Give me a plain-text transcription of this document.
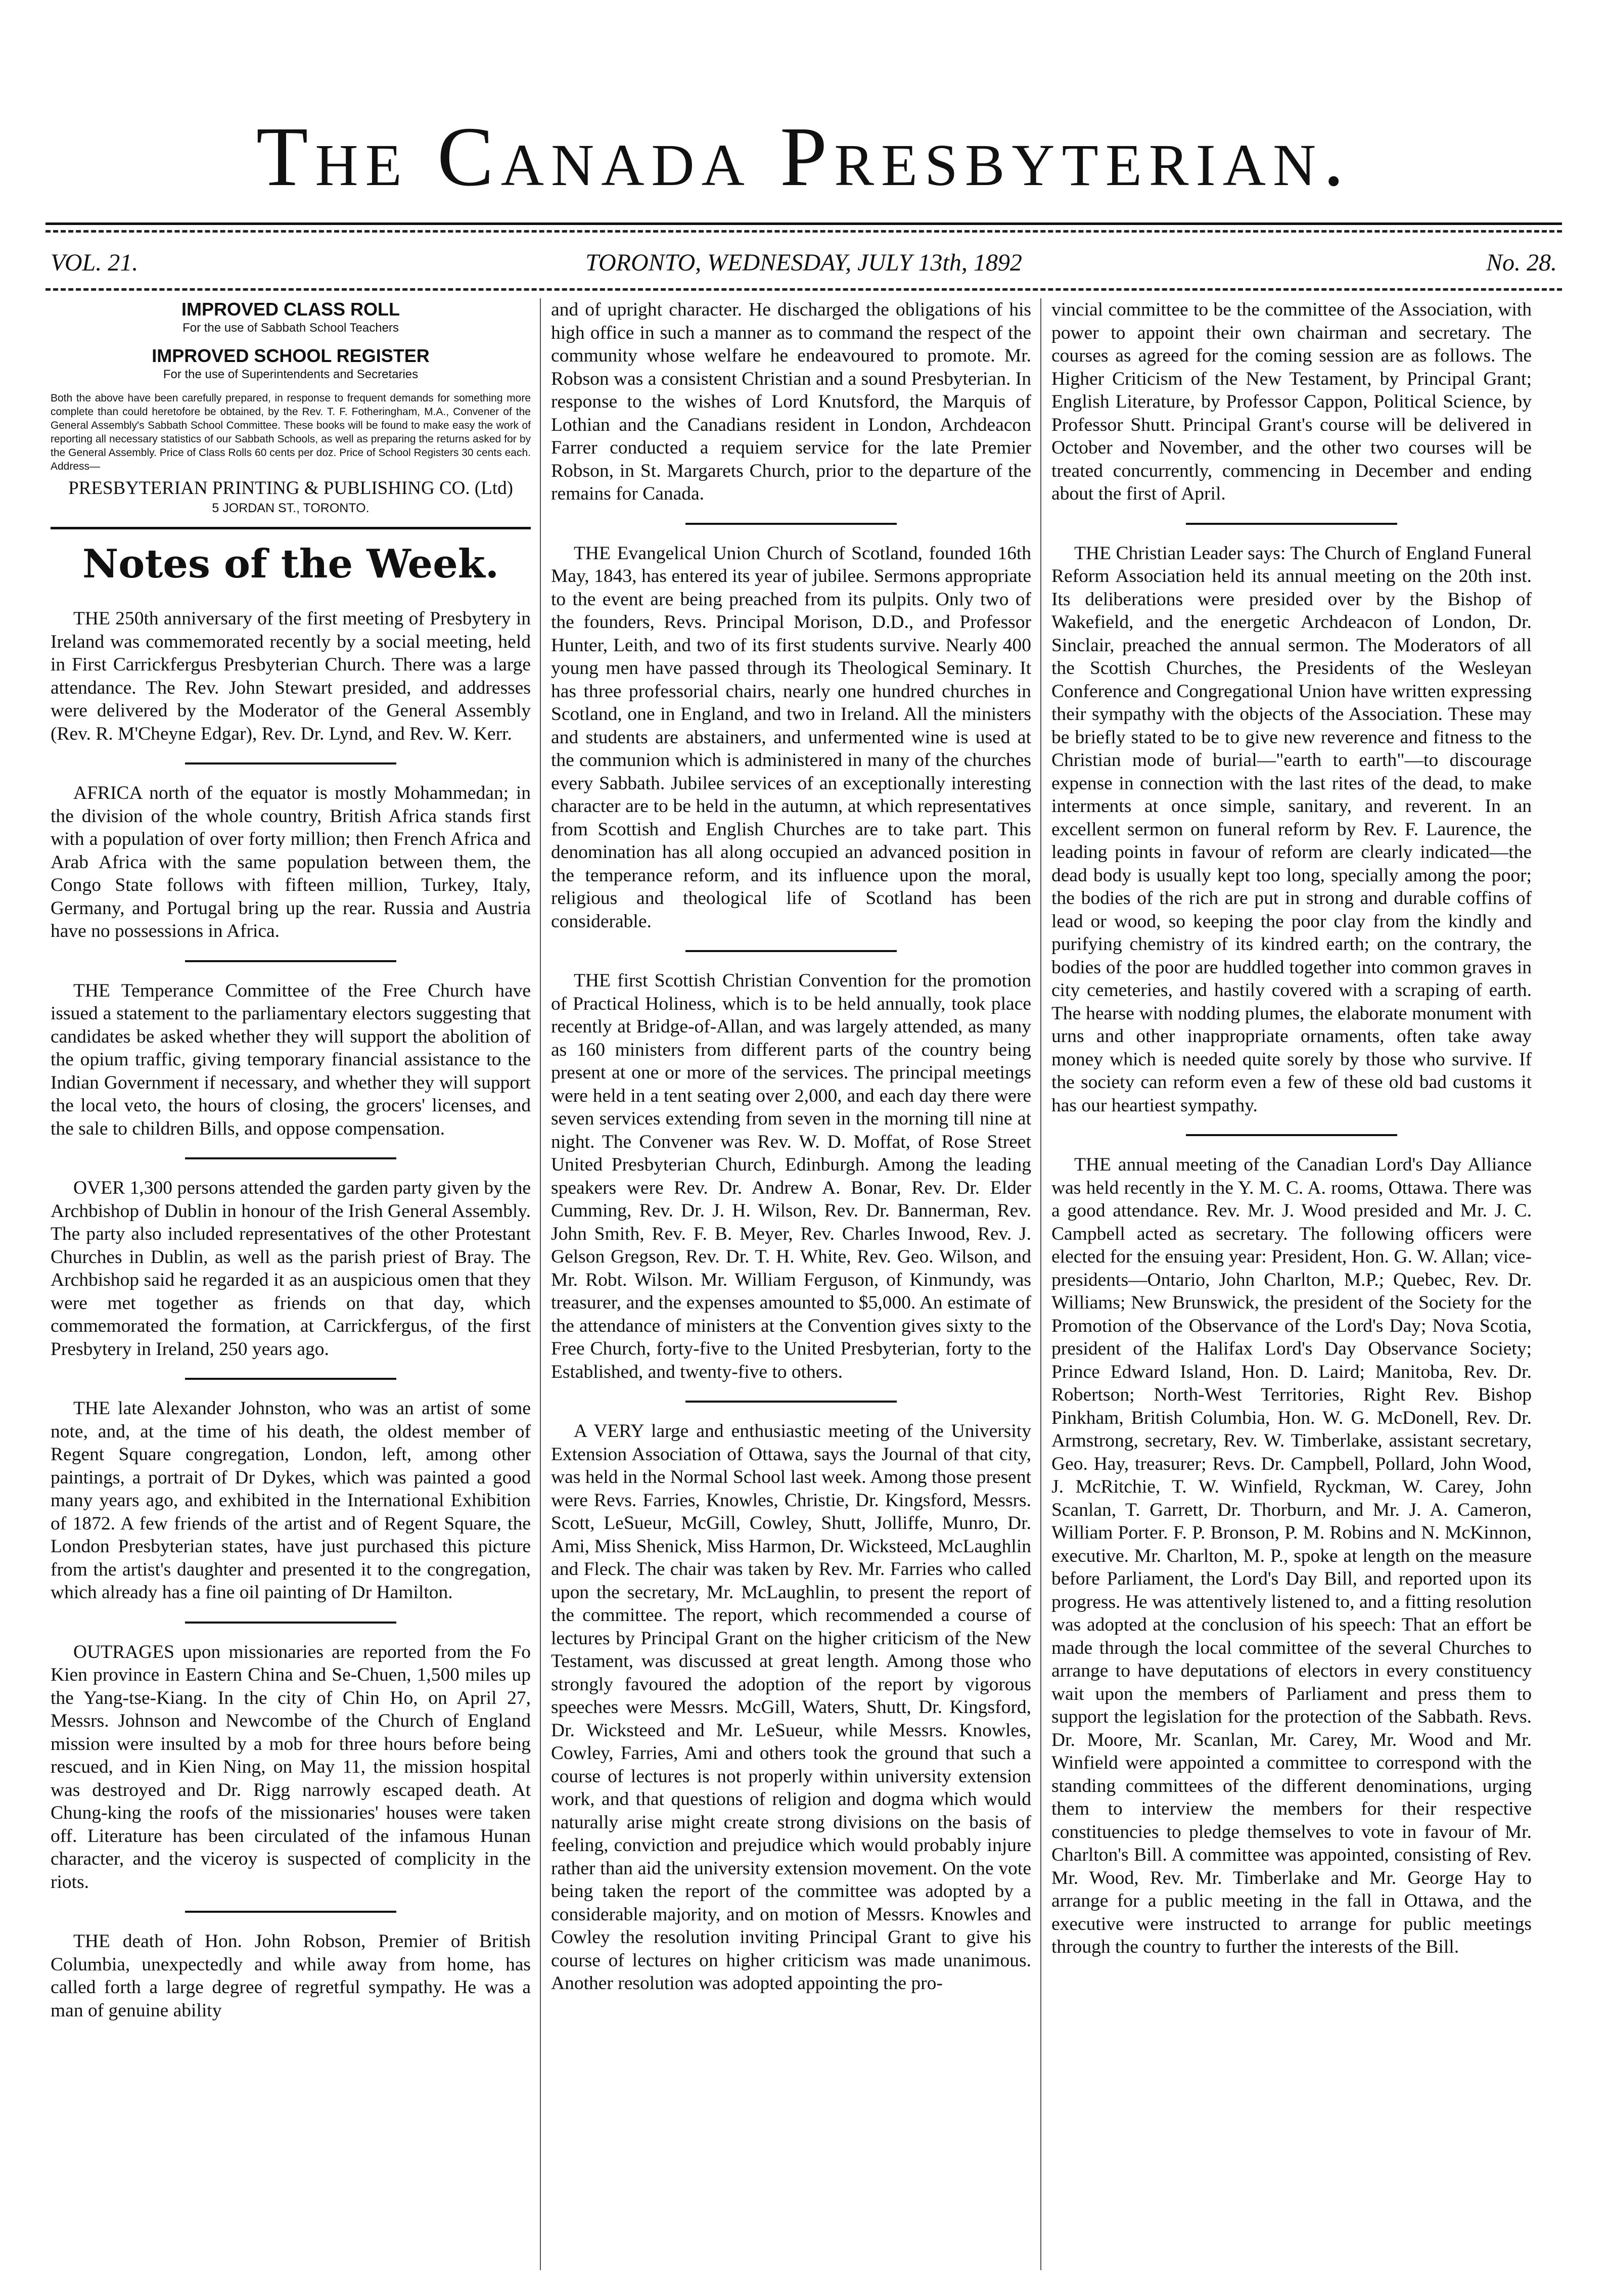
The Canada Presbyterian.
VOL. 21.	TORONTO, WEDNESDAY, JULY 13th, 1892	No. 28.
IMPROVED CLASS ROLL
For the use of Sabbath School Teachers
IMPROVED SCHOOL REGISTER
For the use of Superintendents and Secretaries
Both the above have been carefully prepared, in response to frequent demands for something more complete than could heretofore be obtained, by the Rev. T. F. Fotheringham, M.A., Convener of the General Assembly's Sabbath School Committee. These books will be found to make easy the work of reporting all necessary statistics of our Sabbath Schools, as well as preparing the returns asked for by the General Assembly. Price of Class Rolls 60 cents per doz. Price of School Registers 30 cents each. Address—
PRESBYTERIAN PRINTING & PUBLISHING CO. (Ltd)
5 JORDAN ST., TORONTO.
Notes of the Week.

THE 250th anniversary of the first meeting of Presbytery in Ireland was commemorated recently by a social meeting, held in First Carrickfergus Presbyterian Church. There was a large attendance. The Rev. John Stewart presided, and addresses were delivered by the Moderator of the General Assembly (Rev. R. M'Cheyne Edgar), Rev. Dr. Lynd, and Rev. W. Kerr.

AFRICA north of the equator is mostly Mohammedan; in the division of the whole country, British Africa stands first with a population of over forty million; then French Africa and Arab Africa with the same population between them, the Congo State follows with fifteen million, Turkey, Italy, Germany, and Portugal bring up the rear. Russia and Austria have no possessions in Africa.

THE Temperance Committee of the Free Church have issued a statement to the parliamentary electors suggesting that candidates be asked whether they will support the abolition of the opium traffic, giving temporary financial assistance to the Indian Government if necessary, and whether they will support the local veto, the hours of closing, the grocers' licenses, and the sale to children Bills, and oppose compensation.

OVER 1,300 persons attended the garden party given by the Archbishop of Dublin in honour of the Irish General Assembly. The party also included representatives of the other Protestant Churches in Dublin, as well as the parish priest of Bray. The Archbishop said he regarded it as an auspicious omen that they were met together as friends on that day, which commemorated the formation, at Carrickfergus, of the first Presbytery in Ireland, 250 years ago.

THE late Alexander Johnston, who was an artist of some note, and, at the time of his death, the oldest member of Regent Square congregation, London, left, among other paintings, a portrait of Dr Dykes, which was painted a good many years ago, and exhibited in the International Exhibition of 1872. A few friends of the artist and of Regent Square, the London Presbyterian states, have just purchased this picture from the artist's daughter and presented it to the congregation, which already has a fine oil painting of Dr Hamilton.

OUTRAGES upon missionaries are reported from the Fo Kien province in Eastern China and Se-Chuen, 1,500 miles up the Yang-tse-Kiang. In the city of Chin Ho, on April 27, Messrs. Johnson and Newcombe of the Church of England mission were insulted by a mob for three hours before being rescued, and in Kien Ning, on May 11, the mission hospital was destroyed and Dr. Rigg narrowly escaped death. At Chung-king the roofs of the missionaries' houses were taken off. Literature has been circulated of the infamous Hunan character, and the viceroy is suspected of complicity in the riots.

THE death of Hon. John Robson, Premier of British Columbia, unexpectedly and while away from home, has called forth a large degree of regretful sympathy. He was a man of genuine ability

and of upright character. He discharged the obligations of his high office in such a manner as to command the respect of the community whose welfare he endeavoured to promote. Mr. Robson was a consistent Christian and a sound Presbyterian. In response to the wishes of Lord Knutsford, the Marquis of Lothian and the Canadians resident in London, Archdeacon Farrer conducted a requiem service for the late Premier Robson, in St. Margarets Church, prior to the departure of the remains for Canada.

THE Evangelical Union Church of Scotland, founded 16th May, 1843, has entered its year of jubilee. Sermons appropriate to the event are being preached from its pulpits. Only two of the founders, Revs. Principal Morison, D.D., and Professor Hunter, Leith, and two of its first students survive. Nearly 400 young men have passed through its Theological Seminary. It has three professorial chairs, nearly one hundred churches in Scotland, one in England, and two in Ireland. All the ministers and students are abstainers, and unfermented wine is used at the communion which is administered in many of the churches every Sabbath. Jubilee services of an exceptionally interesting character are to be held in the autumn, at which representatives from Scottish and English Churches are to take part. This denomination has all along occupied an advanced position in the temperance reform, and its influence upon the moral, religious and theological life of Scotland has been considerable.

THE first Scottish Christian Convention for the promotion of Practical Holiness, which is to be held annually, took place recently at Bridge-of-Allan, and was largely attended, as many as 160 ministers from different parts of the country being present at one or more of the services. The principal meetings were held in a tent seating over 2,000, and each day there were seven services extending from seven in the morning till nine at night. The Convener was Rev. W. D. Moffat, of Rose Street United Presbyterian Church, Edinburgh. Among the leading speakers were Rev. Dr. Andrew A. Bonar, Rev. Dr. Elder Cumming, Rev. Dr. J. H. Wilson, Rev. Dr. Bannerman, Rev. John Smith, Rev. F. B. Meyer, Rev. Charles Inwood, Rev. J. Gelson Gregson, Rev. Dr. T. H. White, Rev. Geo. Wilson, and Mr. Robt. Wilson. Mr. William Ferguson, of Kinmundy, was treasurer, and the expenses amounted to $5,000. An estimate of the attendance of ministers at the Convention gives sixty to the Free Church, forty-five to the United Presbyterian, forty to the Established, and twenty-five to others.

A VERY large and enthusiastic meeting of the University Extension Association of Ottawa, says the Journal of that city, was held in the Normal School last week. Among those present were Revs. Farries, Knowles, Christie, Dr. Kingsford, Messrs. Scott, LeSueur, McGill, Cowley, Shutt, Jolliffe, Munro, Dr. Ami, Miss Shenick, Miss Harmon, Dr. Wicksteed, McLaughlin and Fleck. The chair was taken by Rev. Mr. Farries who called upon the secretary, Mr. McLaughlin, to present the report of the committee. The report, which recommended a course of lectures by Principal Grant on the higher criticism of the New Testament, was discussed at great length. Among those who strongly favoured the adoption of the report by vigorous speeches were Messrs. McGill, Waters, Shutt, Dr. Kingsford, Dr. Wicksteed and Mr. LeSueur, while Messrs. Knowles, Cowley, Farries, Ami and others took the ground that such a course of lectures is not properly within university extension work, and that questions of religion and dogma which would naturally arise might create strong divisions on the basis of feeling, conviction and prejudice which would probably injure rather than aid the university extension movement. On the vote being taken the report of the committee was adopted by a considerable majority, and on motion of Messrs. Knowles and Cowley the resolution inviting Principal Grant to give his course of lectures on higher criticism was made unanimous. Another resolution was adopted appointing the pro-

vincial committee to be the committee of the Association, with power to appoint their own chairman and secretary. The courses as agreed for the coming session are as follows. The Higher Criticism of the New Testament, by Principal Grant; English Literature, by Professor Cappon, Political Science, by Professor Shutt. Principal Grant's course will be delivered in October and November, and the other two courses will be treated concurrently, commencing in December and ending about the first of April.

THE Christian Leader says: The Church of England Funeral Reform Association held its annual meeting on the 20th inst. Its deliberations were presided over by the Bishop of Wakefield, and the energetic Archdeacon of London, Dr. Sinclair, preached the annual sermon. The Moderators of all the Scottish Churches, the Presidents of the Wesleyan Conference and Congregational Union have written expressing their sympathy with the objects of the Association. These may be briefly stated to be to give new reverence and fitness to the Christian mode of burial—"earth to earth"—to discourage expense in connection with the last rites of the dead, to make interments at once simple, sanitary, and reverent. In an excellent sermon on funeral reform by Rev. F. Laurence, the leading points in favour of reform are clearly indicated—the dead body is usually kept too long, specially among the poor; the bodies of the rich are put in strong and durable coffins of lead or wood, so keeping the poor clay from the kindly and purifying chemistry of its kindred earth; on the contrary, the bodies of the poor are huddled together into common graves in city cemeteries, and hastily covered with a scraping of earth. The hearse with nodding plumes, the elaborate monument with urns and other inappropriate ornaments, often take away money which is needed quite sorely by those who survive. If the society can reform even a few of these old bad customs it has our heartiest sympathy.

THE annual meeting of the Canadian Lord's Day Alliance was held recently in the Y. M. C. A. rooms, Ottawa. There was a good attendance. Rev. Mr. J. Wood presided and Mr. J. C. Campbell acted as secretary. The following officers were elected for the ensuing year: President, Hon. G. W. Allan; vice-presidents—Ontario, John Charlton, M.P.; Quebec, Rev. Dr. Williams; New Brunswick, the president of the Society for the Promotion of the Observance of the Lord's Day; Nova Scotia, president of the Halifax Lord's Day Observance Society; Prince Edward Island, Hon. D. Laird; Manitoba, Rev. Dr. Robertson; North-West Territories, Right Rev. Bishop Pinkham, British Columbia, Hon. W. G. McDonell, Rev. Dr. Armstrong, secretary, Rev. W. Timberlake, assistant secretary, Geo. Hay, treasurer; Revs. Dr. Campbell, Pollard, John Wood, J. McRitchie, T. W. Winfield, Ryckman, W. Carey, John Scanlan, T. Garrett, Dr. Thorburn, and Mr. J. A. Cameron, William Porter. F. P. Bronson, P. M. Robins and N. McKinnon, executive. Mr. Charlton, M. P., spoke at length on the measure before Parliament, the Lord's Day Bill, and reported upon its progress. He was attentively listened to, and a fitting resolution was adopted at the conclusion of his speech: That an effort be made through the local committee of the several Churches to arrange to have deputations of electors in every constituency wait upon the members of Parliament and press them to support the legislation for the protection of the Sabbath. Revs. Dr. Moore, Mr. Scanlan, Mr. Carey, Mr. Wood and Mr. Winfield were appointed a committee to correspond with the standing committees of the different denominations, urging them to interview the members for their respective constituencies to pledge themselves to vote in favour of Mr. Charlton's Bill. A committee was appointed, consisting of Rev. Mr. Wood, Rev. Mr. Timberlake and Mr. George Hay to arrange for a public meeting in the fall in Ottawa, and the executive were instructed to arrange for public meetings through the country to further the interests of the Bill.
